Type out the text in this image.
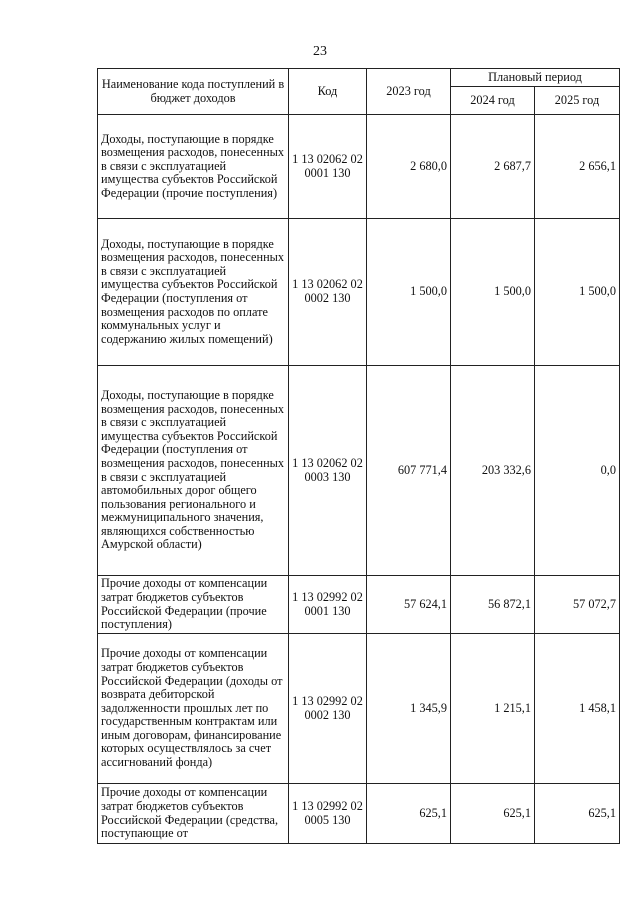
23
Наименование кода поступлений в бюджет доходов	Код	2023 год	Плановый период	
			2024 год	2025 год
Доходы, поступающие в порядке возмещения расходов, понесенных в связи с эксплуатацией имущества субъектов Российской Федерации (прочие поступления)	1 13 02062 02 0001 130	2 680,0	2 687,7	2 656,1
Доходы, поступающие в порядке возмещения расходов, понесенных в связи с эксплуатацией имущества субъектов Российской Федерации (поступления от возмещения расходов по оплате коммунальных услуг и содержанию жилых помещений)	1 13 02062 02 0002 130	1 500,0	1 500,0	1 500,0
Доходы, поступающие в порядке возмещения расходов, понесенных в связи с эксплуатацией имущества субъектов Российской Федерации (поступления от возмещения расходов, понесенных в связи с эксплуатацией автомобильных дорог общего пользования регионального и межмуниципального значения, являющихся собственностью Амурской области)	1 13 02062 02 0003 130	607 771,4	203 332,6	0,0
Прочие доходы от компенсации затрат бюджетов субъектов Российской Федерации (прочие поступления)	1 13 02992 02 0001 130	57 624,1	56 872,1	57 072,7
Прочие доходы от компенсации затрат бюджетов субъектов Российской Федерации (доходы от возврата дебиторской задолженности прошлых лет по государственным контрактам или иным договорам, финансирование которых осуществлялось за счет ассигнований фонда)	1 13 02992 02 0002 130	1 345,9	1 215,1	1 458,1
Прочие доходы от компенсации затрат бюджетов субъектов Российской Федерации (средства, поступающие от	1 13 02992 02 0005 130	625,1	625,1	625,1
